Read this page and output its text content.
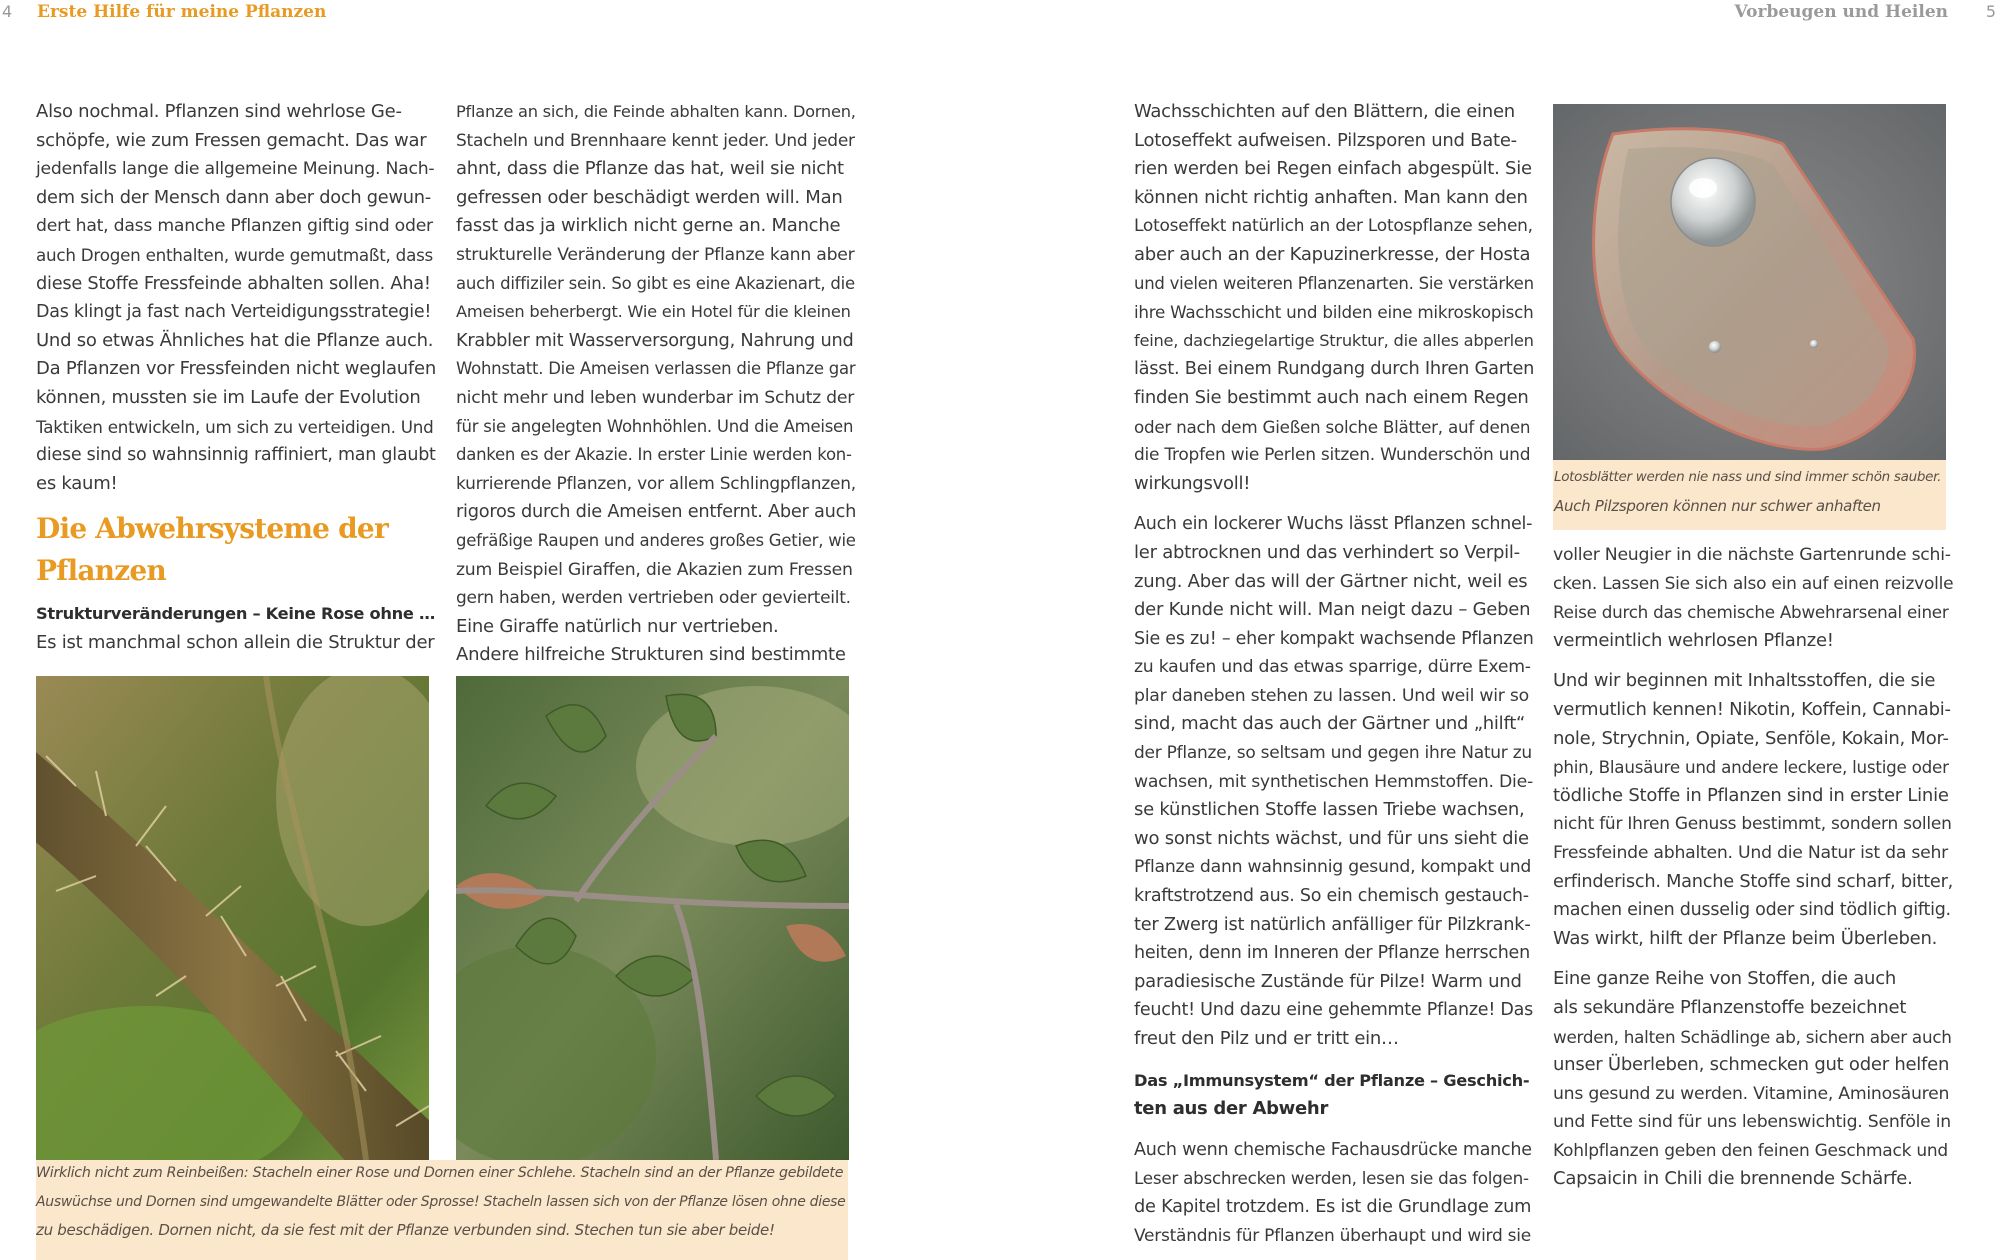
4 Erste Hilfe für meine Pflanzen	Vorbeugen und Heilen 5

Also nochmal. Pflanzen sind wehrlose Ge-

schöpfe, wie zum Fressen gemacht. Das war

jedenfalls lange die allgemeine Meinung. Nach-

dem sich der Mensch dann aber doch gewun-

dert hat, dass manche Pflanzen giftig sind oder

auch Drogen enthalten, wurde gemutmaßt, dass

diese Stoffe Fressfeinde abhalten sollen. Aha!

Das klingt ja fast nach Verteidigungsstrategie!

Und so etwas Ähnliches hat die Pflanze auch.

Da Pflanzen vor Fressfeinden nicht weglaufen

können, mussten sie im Laufe der Evolution

Taktiken entwickeln, um sich zu verteidigen. Und

diese sind so wahnsinnig raffiniert, man glaubt

es kaum!

Die Abwehrsysteme der
Pflanzen
Strukturveränderungen – Keine Rose ohne …

Es ist manchmal schon allein die Struktur der

Pflanze an sich, die Feinde abhalten kann. Dornen,

Stacheln und Brennhaare kennt jeder. Und jeder

ahnt, dass die Pflanze das hat, weil sie nicht

gefressen oder beschädigt werden will. Man

fasst das ja wirklich nicht gerne an. Manche

strukturelle Veränderung der Pflanze kann aber

auch diffiziler sein. So gibt es eine Akazienart, die

Ameisen beherbergt. Wie ein Hotel für die kleinen

Krabbler mit Wasserversorgung, Nahrung und

Wohnstatt. Die Ameisen verlassen die Pflanze gar

nicht mehr und leben wunderbar im Schutz der

für sie angelegten Wohnhöhlen. Und die Ameisen

danken es der Akazie. In erster Linie werden kon-

kurrierende Pflanzen, vor allem Schlingpflanzen,

rigoros durch die Ameisen entfernt. Aber auch

gefräßige Raupen und anderes großes Getier, wie

zum Beispiel Giraffen, die Akazien zum Fressen

gern haben, werden vertrieben oder gevierteilt.

Eine Giraffe natürlich nur vertrieben.

Andere hilfreiche Strukturen sind bestimmte

Wirklich nicht zum Reinbeißen: Stacheln einer Rose und Dornen einer Schlehe. Stacheln sind an der Pflanze gebildete
Auswüchse und Dornen sind umgewandelte Blätter oder Sprosse! Stacheln lassen sich von der Pflanze lösen ohne diese
zu beschädigen. Dornen nicht, da sie fest mit der Pflanze verbunden sind. Stechen tun sie aber beide!

Wachsschichten auf den Blättern, die einen

Lotoseffekt aufweisen. Pilzsporen und Bate-

rien werden bei Regen einfach abgespült. Sie

können nicht richtig anhaften. Man kann den

Lotoseffekt natürlich an der Lotospflanze sehen,

aber auch an der Kapuzinerkresse, der Hosta

und vielen weiteren Pflanzenarten. Sie verstärken

ihre Wachsschicht und bilden eine mikroskopisch

feine, dachziegelartige Struktur, die alles abperlen

lässt. Bei einem Rundgang durch Ihren Garten

finden Sie bestimmt auch nach einem Regen

oder nach dem Gießen solche Blätter, auf denen

die Tropfen wie Perlen sitzen. Wunderschön und

wirkungsvoll!

Auch ein lockerer Wuchs lässt Pflanzen schnel-

ler abtrocknen und das verhindert so Verpil-

zung. Aber das will der Gärtner nicht, weil es

der Kunde nicht will. Man neigt dazu – Geben

Sie es zu! – eher kompakt wachsende Pflanzen

zu kaufen und das etwas sparrige, dürre Exem-

plar daneben stehen zu lassen. Und weil wir so

sind, macht das auch der Gärtner und „hilft“

der Pflanze, so seltsam und gegen ihre Natur zu

wachsen, mit synthetischen Hemmstoffen. Die-

se künstlichen Stoffe lassen Triebe wachsen,

wo sonst nichts wächst, und für uns sieht die

Pflanze dann wahnsinnig gesund, kompakt und

kraftstrotzend aus. So ein chemisch gestauch-

ter Zwerg ist natürlich anfälliger für Pilzkrank-

heiten, denn im Inneren der Pflanze herrschen

paradiesische Zustände für Pilze! Warm und

feucht! Und dazu eine gehemmte Pflanze! Das

freut den Pilz und er tritt ein…

Das „Immunsystem“ der Pflanze – Geschich-
ten aus der Abwehr

Auch wenn chemische Fachausdrücke manche

Leser abschrecken werden, lesen sie das folgen-

de Kapitel trotzdem. Es ist die Grundlage zum

Verständnis für Pflanzen überhaupt und wird sie

Lotosblätter werden nie nass und sind immer schön sauber.
Auch Pilzsporen können nur schwer anhaften

voller Neugier in die nächste Gartenrunde schi-

cken. Lassen Sie sich also ein auf einen reizvolle

Reise durch das chemische Abwehrarsenal einer

vermeintlich wehrlosen Pflanze!

Und wir beginnen mit Inhaltsstoffen, die sie

vermutlich kennen! Nikotin, Koffein, Cannabi-

nole, Strychnin, Opiate, Senföle, Kokain, Mor-

phin, Blausäure und andere leckere, lustige oder

tödliche Stoffe in Pflanzen sind in erster Linie

nicht für Ihren Genuss bestimmt, sondern sollen

Fressfeinde abhalten. Und die Natur ist da sehr

erfinderisch. Manche Stoffe sind scharf, bitter,

machen einen dusselig oder sind tödlich giftig.

Was wirkt, hilft der Pflanze beim Überleben.

Eine ganze Reihe von Stoffen, die auch

als sekundäre Pflanzenstoffe bezeichnet

werden, halten Schädlinge ab, sichern aber auch

unser Überleben, schmecken gut oder helfen

uns gesund zu werden. Vitamine, Aminosäuren

und Fette sind für uns lebenswichtig. Senföle in

Kohlpflanzen geben den feinen Geschmack und

Capsaicin in Chili die brennende Schärfe.
